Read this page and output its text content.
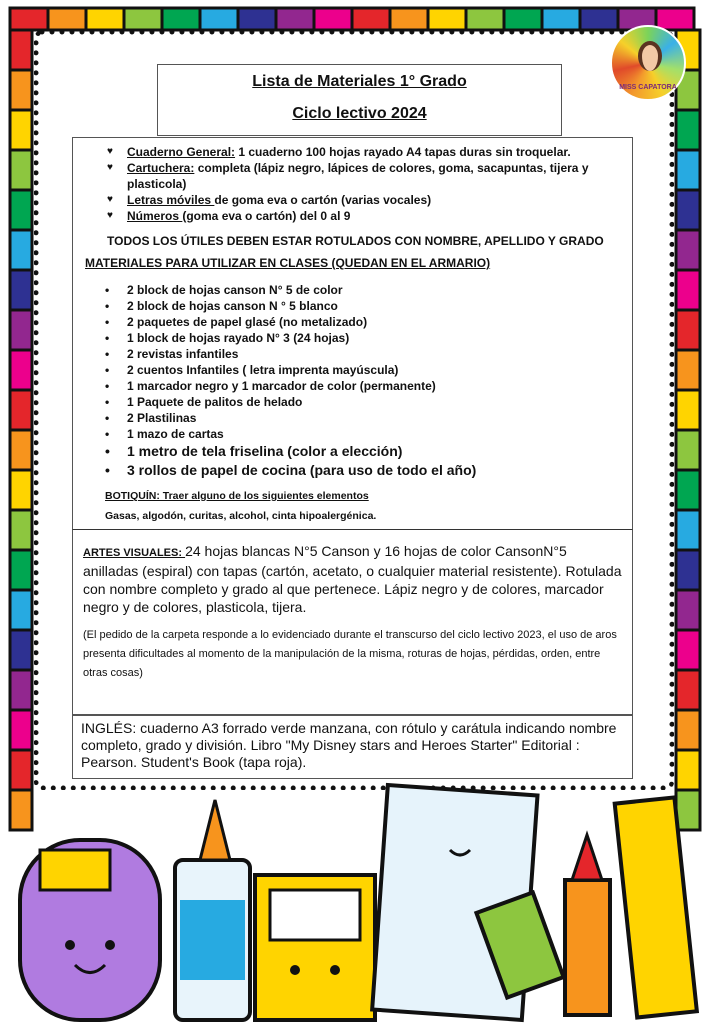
MISS CAPATORA
Lista de Materiales 1° Grado
Ciclo lectivo 2024
♥ Cuaderno General: 1 cuaderno 100 hojas rayado A4 tapas duras sin troquelar.
♥ Cartuchera: completa (lápiz negro, lápices de colores, goma, sacapuntas, tijera y plasticola)
♥ Letras móviles de goma eva o cartón (varias vocales)
♥ Números (goma eva o cartón) del 0 al 9
TODOS LOS ÚTILES DEBEN ESTAR ROTULADOS CON NOMBRE, APELLIDO Y GRADO
MATERIALES PARA UTILIZAR EN CLASES (QUEDAN EN EL ARMARIO)
• 2 block de hojas canson N° 5 de color
• 2 block de hojas canson N ° 5 blanco
• 2 paquetes de papel glasé (no metalizado)
• 1 block de hojas rayado N° 3 (24 hojas)
• 2 revistas infantiles
• 2 cuentos Infantiles ( letra imprenta mayúscula)
• 1 marcador negro y 1 marcador de color (permanente)
• 1 Paquete de palitos de helado
• 2 Plastilinas
• 1 mazo de cartas
• 1 metro de tela friselina (color a elección)
• 3 rollos de papel de cocina (para uso de todo el año)
BOTIQUÍN: Traer alguno de los siguientes elementos
Gasas, algodón, curitas, alcohol, cinta hipoalergénica.

ARTES VISUALES: 24 hojas blancas N°5 Canson y 16 hojas de color CansonN°5 anilladas (espiral) con tapas (cartón, acetato, o cualquier material resistente). Rotulada con nombre completo y grado al que pertenece. Lápiz negro y de colores, marcador negro y de colores, plasticola, tijera.

(El pedido de la carpeta responde a lo evidenciado durante el transcurso del ciclo lectivo 2023, el uso de aros presenta dificultades al momento de la manipulación de la misma, roturas de hojas, pérdidas, orden, entre otras cosas)

INGLÉS: cuaderno A3 forrado verde manzana, con rótulo y carátula indicando nombre completo, grado y división. Libro "My Disney stars and Heroes Starter" Editorial : Pearson. Student's Book (tapa roja).
